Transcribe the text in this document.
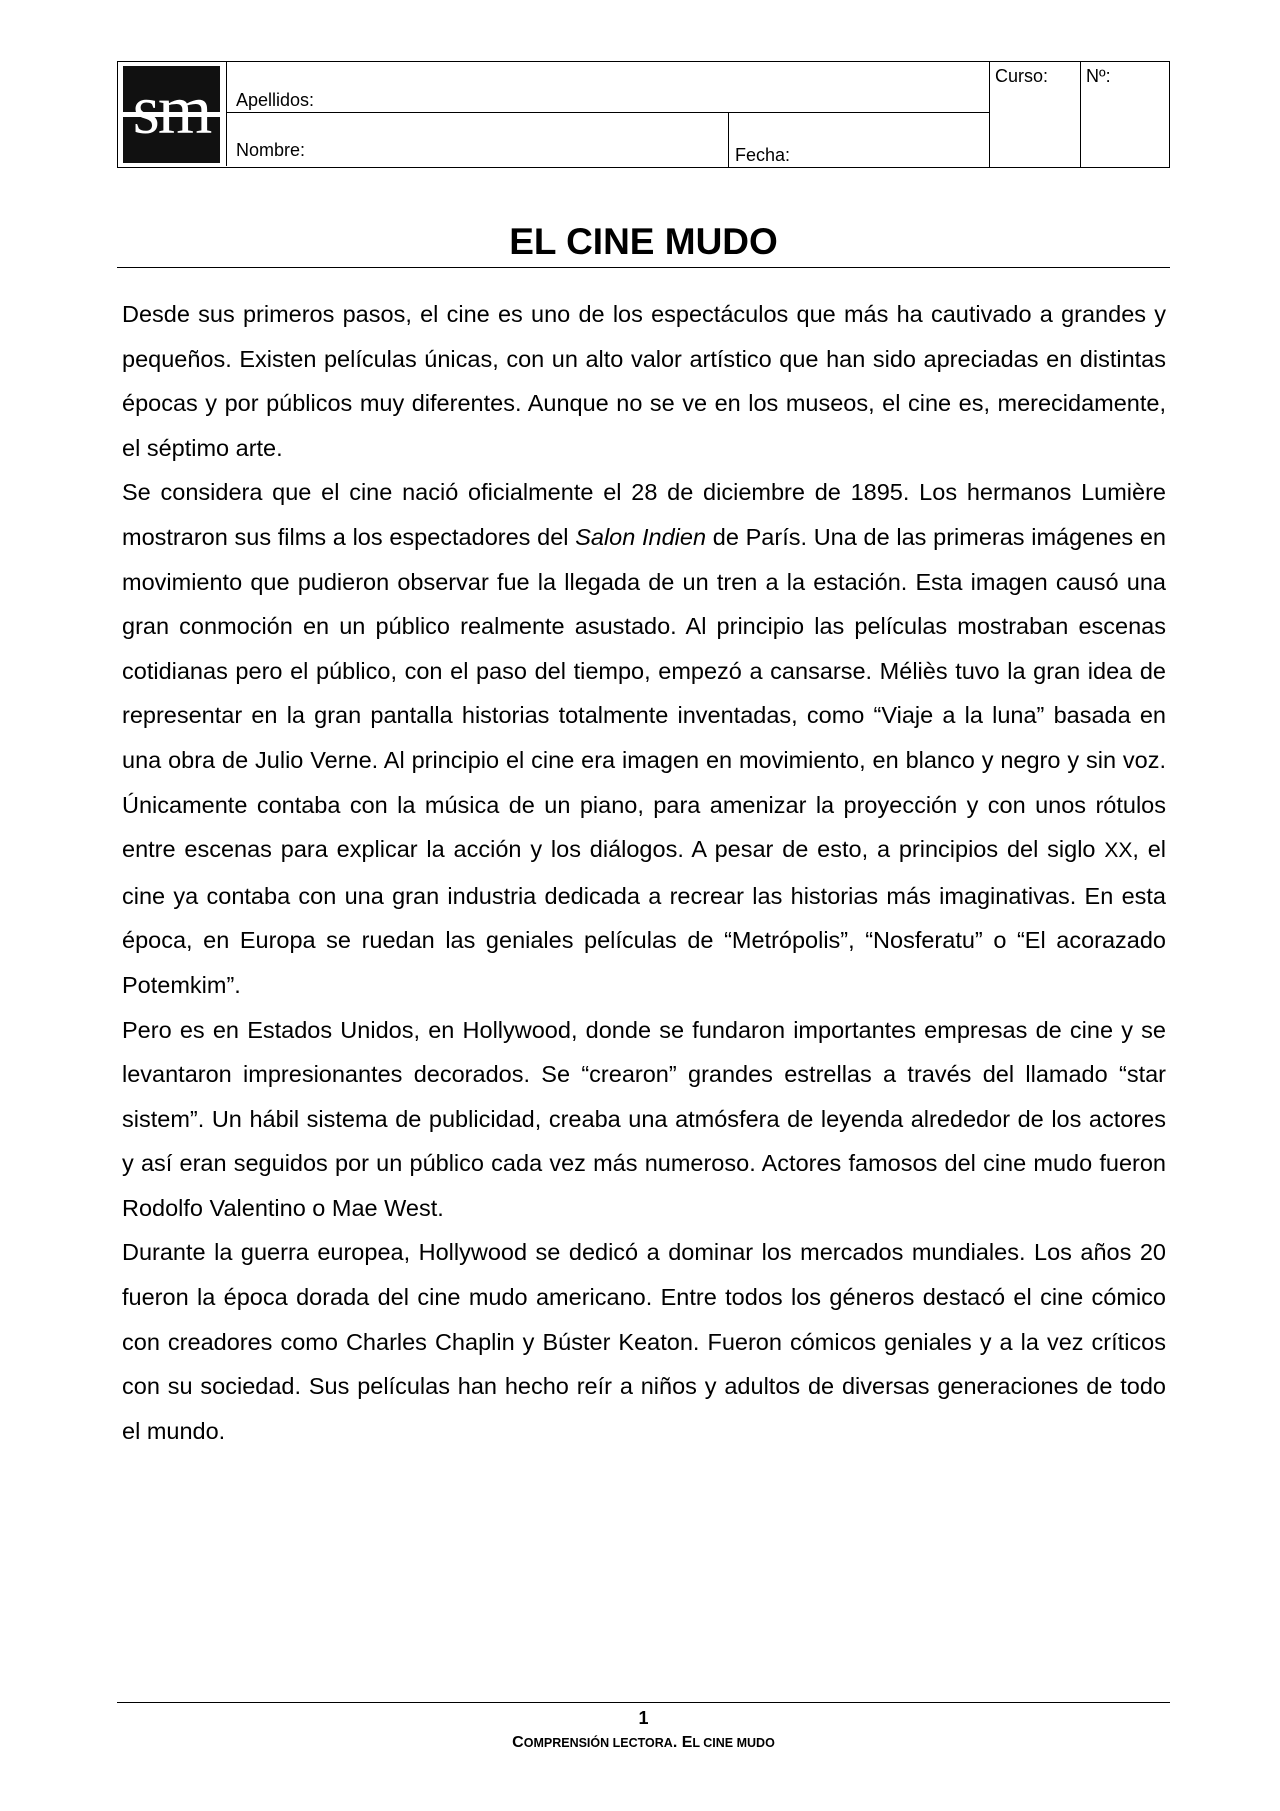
sm	Apellidos:
Nombre:	Fecha:
Curso: Nº:
EL CINE MUDO

Desde sus primeros pasos, el cine es uno de los espectáculos que más ha cautivado a grandes y pequeños. Existen películas únicas, con un alto valor artístico que han sido apreciadas en distintas épocas y por públicos muy diferentes. Aunque no se ve en los museos, el cine es, merecidamente, el séptimo arte.

Se considera que el cine nació oficialmente el 28 de diciembre de 1895. Los hermanos Lumière mostraron sus films a los espectadores del Salon Indien de París. Una de las primeras imágenes en movimiento que pudieron observar fue la llegada de un tren a la estación. Esta imagen causó una gran conmoción en un público realmente asustado. Al principio las películas mostraban escenas cotidianas pero el público, con el paso del tiempo, empezó a cansarse. Méliès tuvo la gran idea de representar en la gran pantalla historias totalmente inventadas, como “Viaje a la luna” basada en una obra de Julio Verne. Al principio el cine era imagen en movimiento, en blanco y negro y sin voz. Únicamente contaba con la música de un piano, para amenizar la proyección y con unos rótulos entre escenas para explicar la acción y los diálogos. A pesar de esto, a principios del siglo XX, el cine ya contaba con una gran industria dedicada a recrear las historias más imaginativas. En esta época, en Europa se ruedan las geniales películas de “Metrópolis”, “Nosferatu” o “El acorazado Potemkim”.

Pero es en Estados Unidos, en Hollywood, donde se fundaron importantes empresas de cine y se levantaron impresionantes decorados. Se “crearon” grandes estrellas a través del llamado “star sistem”. Un hábil sistema de publicidad, creaba una atmósfera de leyenda alrededor de los actores y así eran seguidos por un público cada vez más numeroso. Actores famosos del cine mudo fueron Rodolfo Valentino o Mae West.

Durante la guerra europea, Hollywood se dedicó a dominar los mercados mundiales. Los años 20 fueron la época dorada del cine mudo americano. Entre todos los géneros destacó el cine cómico con creadores como Charles Chaplin y Búster Keaton. Fueron cómicos geniales y a la vez críticos con su sociedad. Sus películas han hecho reír a niños y adultos de diversas generaciones de todo el mundo.

1
COMPRENSIÓN LECTORA. EL CINE MUDO
